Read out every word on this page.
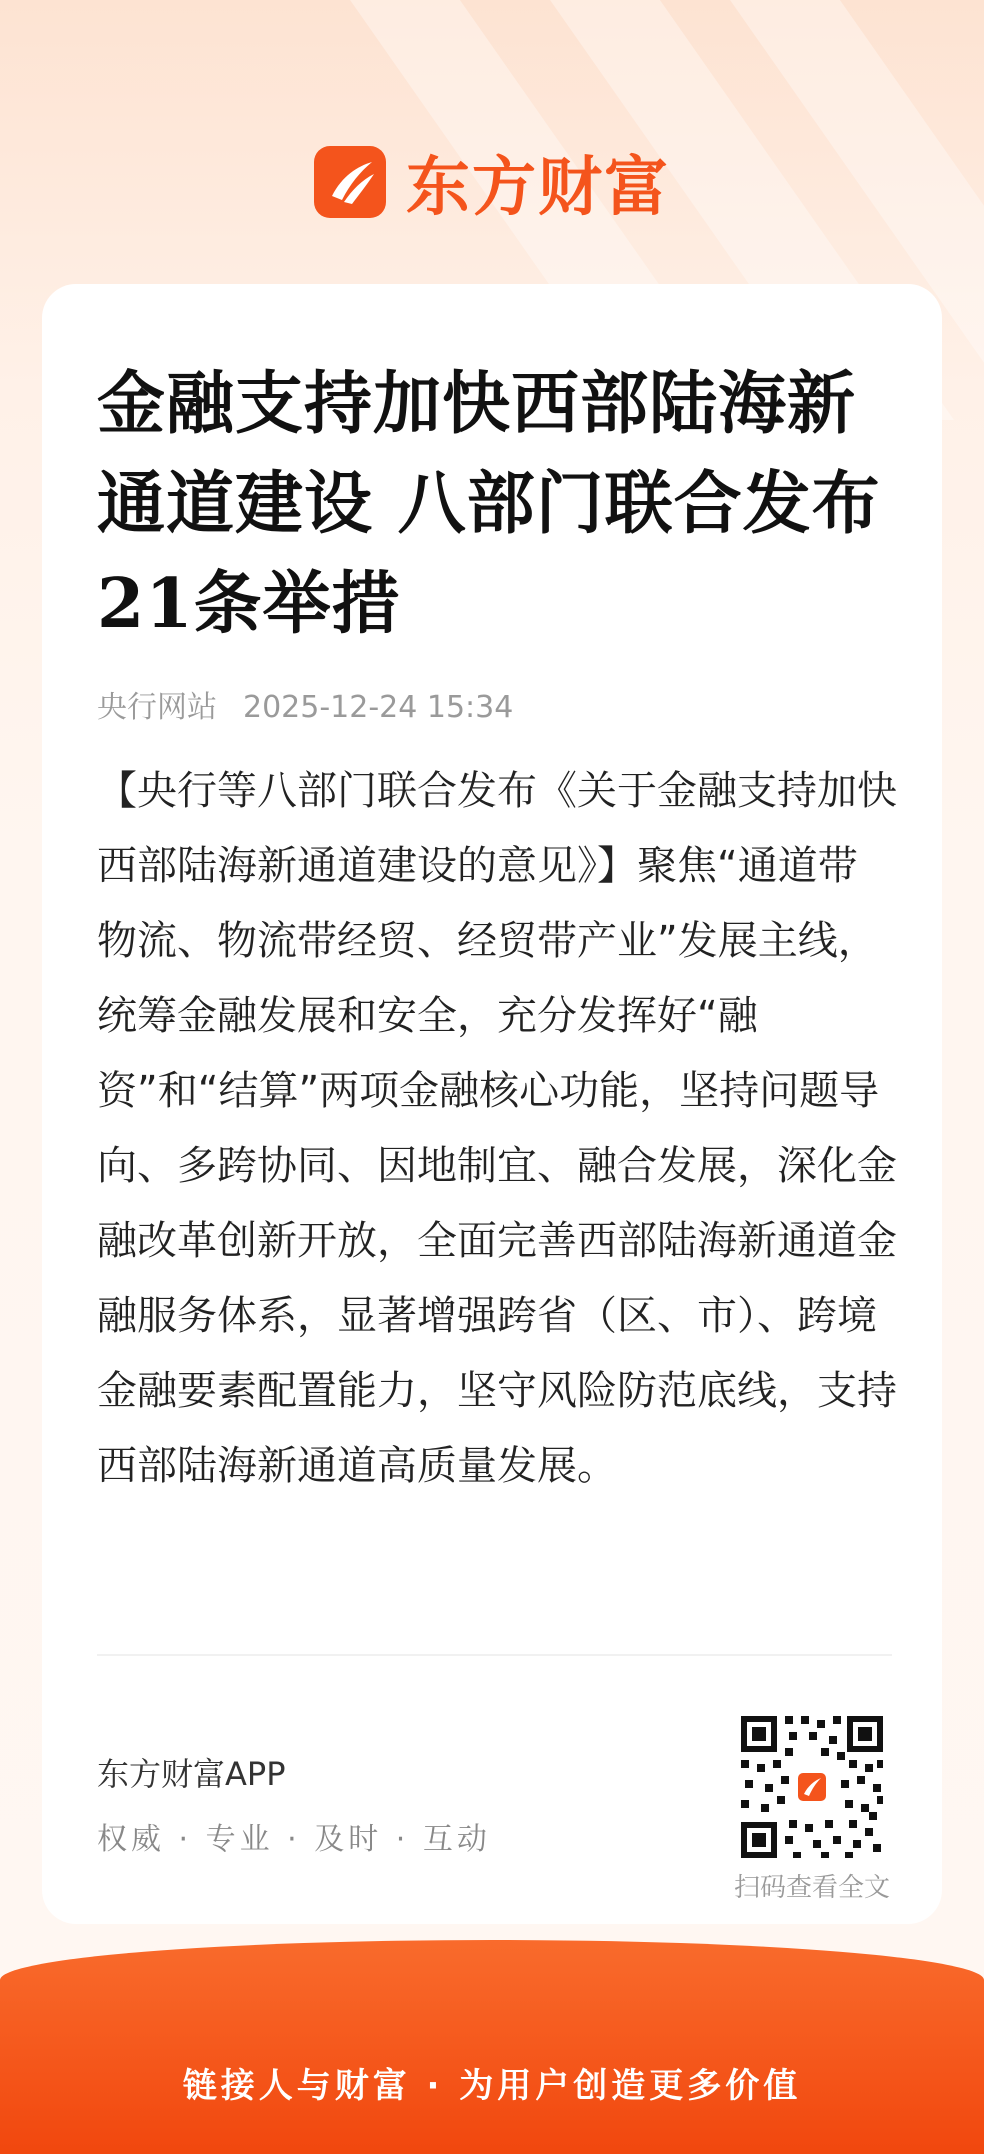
东方财富
金融支持加快西部陆海新通道建设 八部门联合发布21条举措
央行网站 2025-12-24 15:34

【央行等八部门联合发布《关于金融支持加快西部陆海新通道建设的意见》】聚焦“通道带物流、物流带经贸、经贸带产业”发展主线，统筹金融发展和安全，充分发挥好“融资”和“结算”两项金融核心功能，坚持问题导向、多跨协同、因地制宜、融合发展，深化金融改革创新开放，全面完善西部陆海新通道金融服务体系，显著增强跨省（区、市）、跨境金融要素配置能力，坚守风险防范底线，支持西部陆海新通道高质量发展。

东方财富APP
权威 · 专业 · 及时 · 互动
扫码查看全文
链接人与财富 · 为用户创造更多价值
